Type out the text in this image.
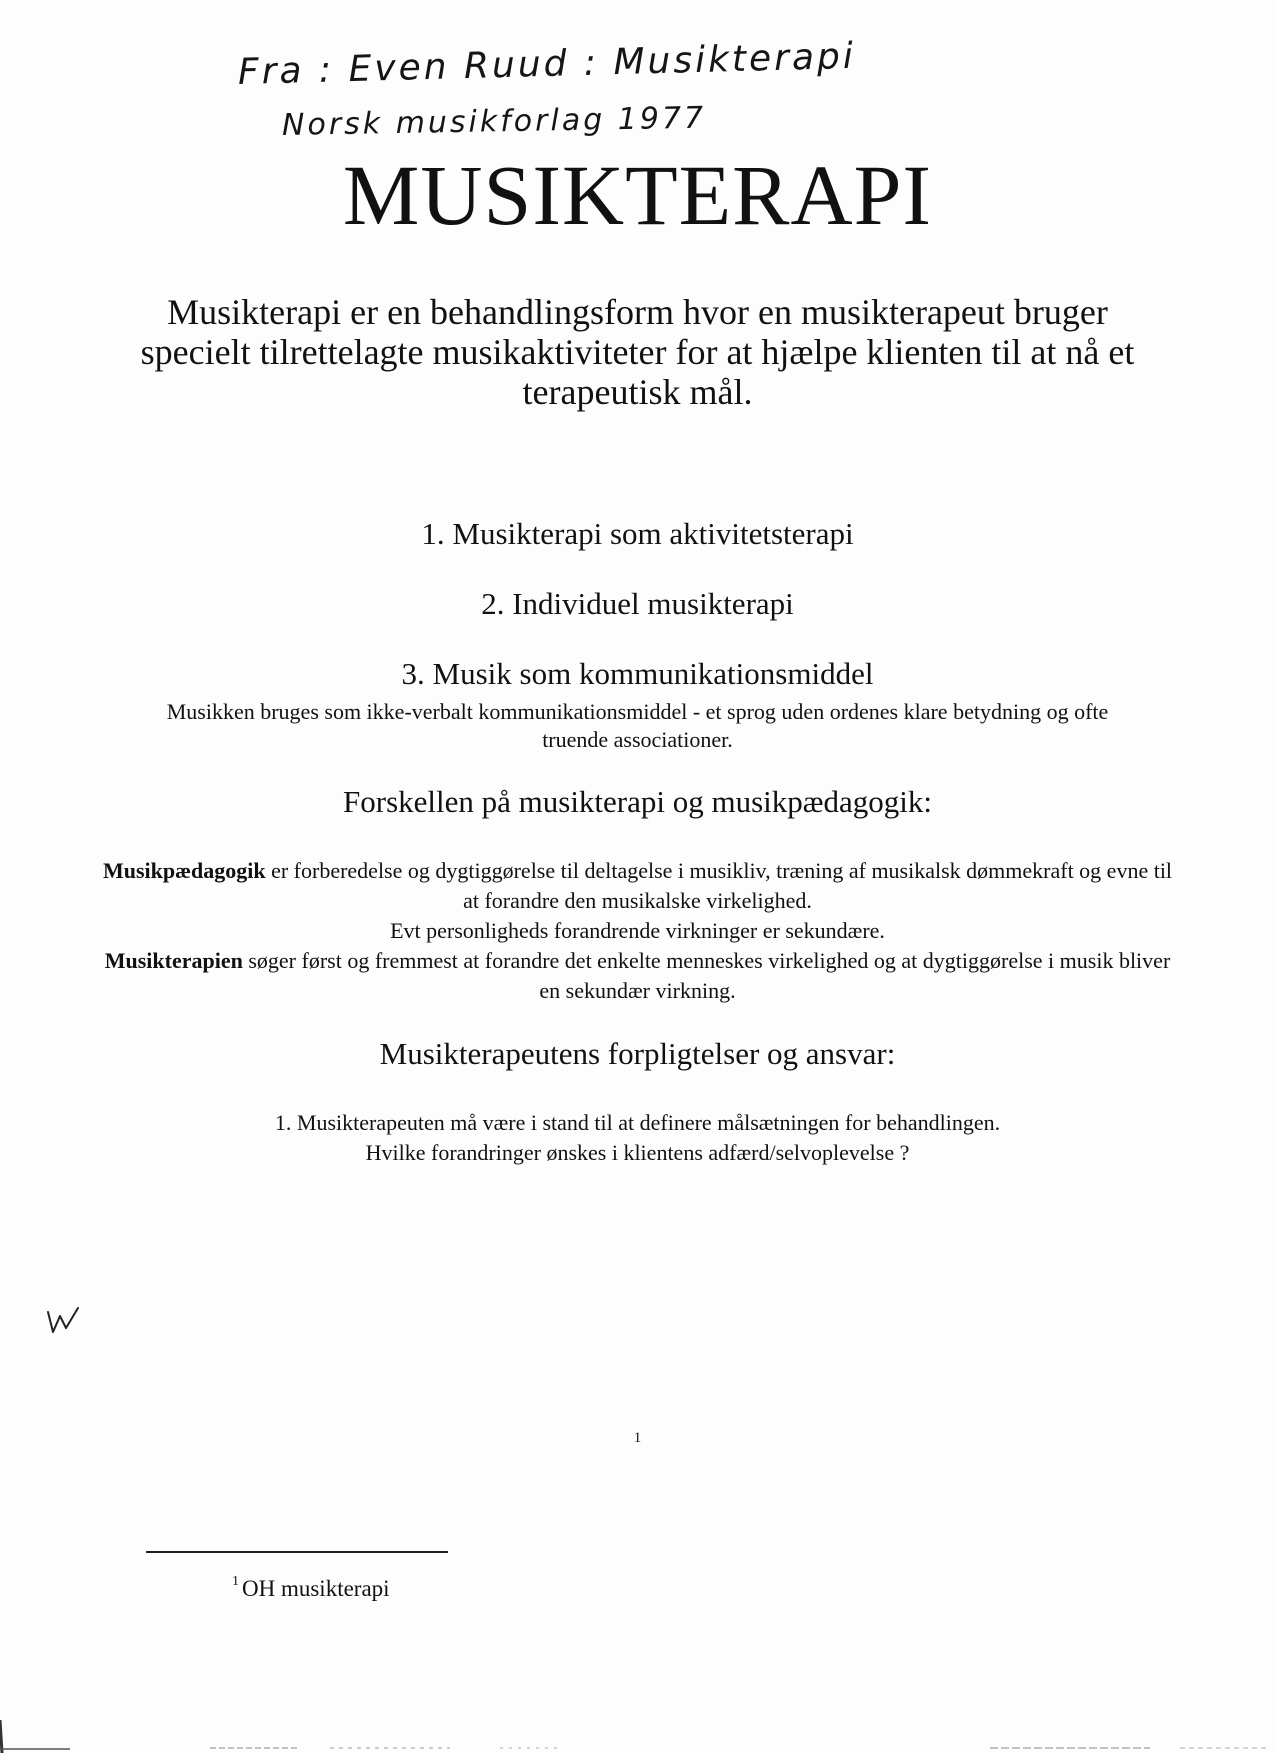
Fra : Even Ruud : Musikterapi
Norsk musikforlag 1977
MUSIKTERAPI

Musikterapi er en behandlingsform hvor en musikterapeut bruger specielt tilrettelagte musikaktiviteter for at hjælpe klienten til at nå et terapeutisk mål.

1. Musikterapi som aktivitetsterapi

2. Individuel musikterapi

3. Musik som kommunikationsmiddel

Musikken bruges som ikke-verbalt kommunikationsmiddel - et sprog uden ordenes klare betydning og ofte truende associationer.

Forskellen på musikterapi og musikpædagogik:

Musikpædagogik er forberedelse og dygtiggørelse til deltagelse i musikliv, træning af musikalsk dømmekraft og evne til at forandre den musikalske virkelighed.

Evt personligheds forandrende virkninger er sekundære.

Musikterapien søger først og fremmest at forandre det enkelte menneskes virkelighed og at dygtiggørelse i musik bliver en sekundær virkning.

Musikterapeutens forpligtelser og ansvar:

1. Musikterapeuten må være i stand til at definere målsætningen for behandlingen.

Hvilke forandringer ønskes i klientens adfærd/selvoplevelse ?

1
$^1$ OH musikterapi
